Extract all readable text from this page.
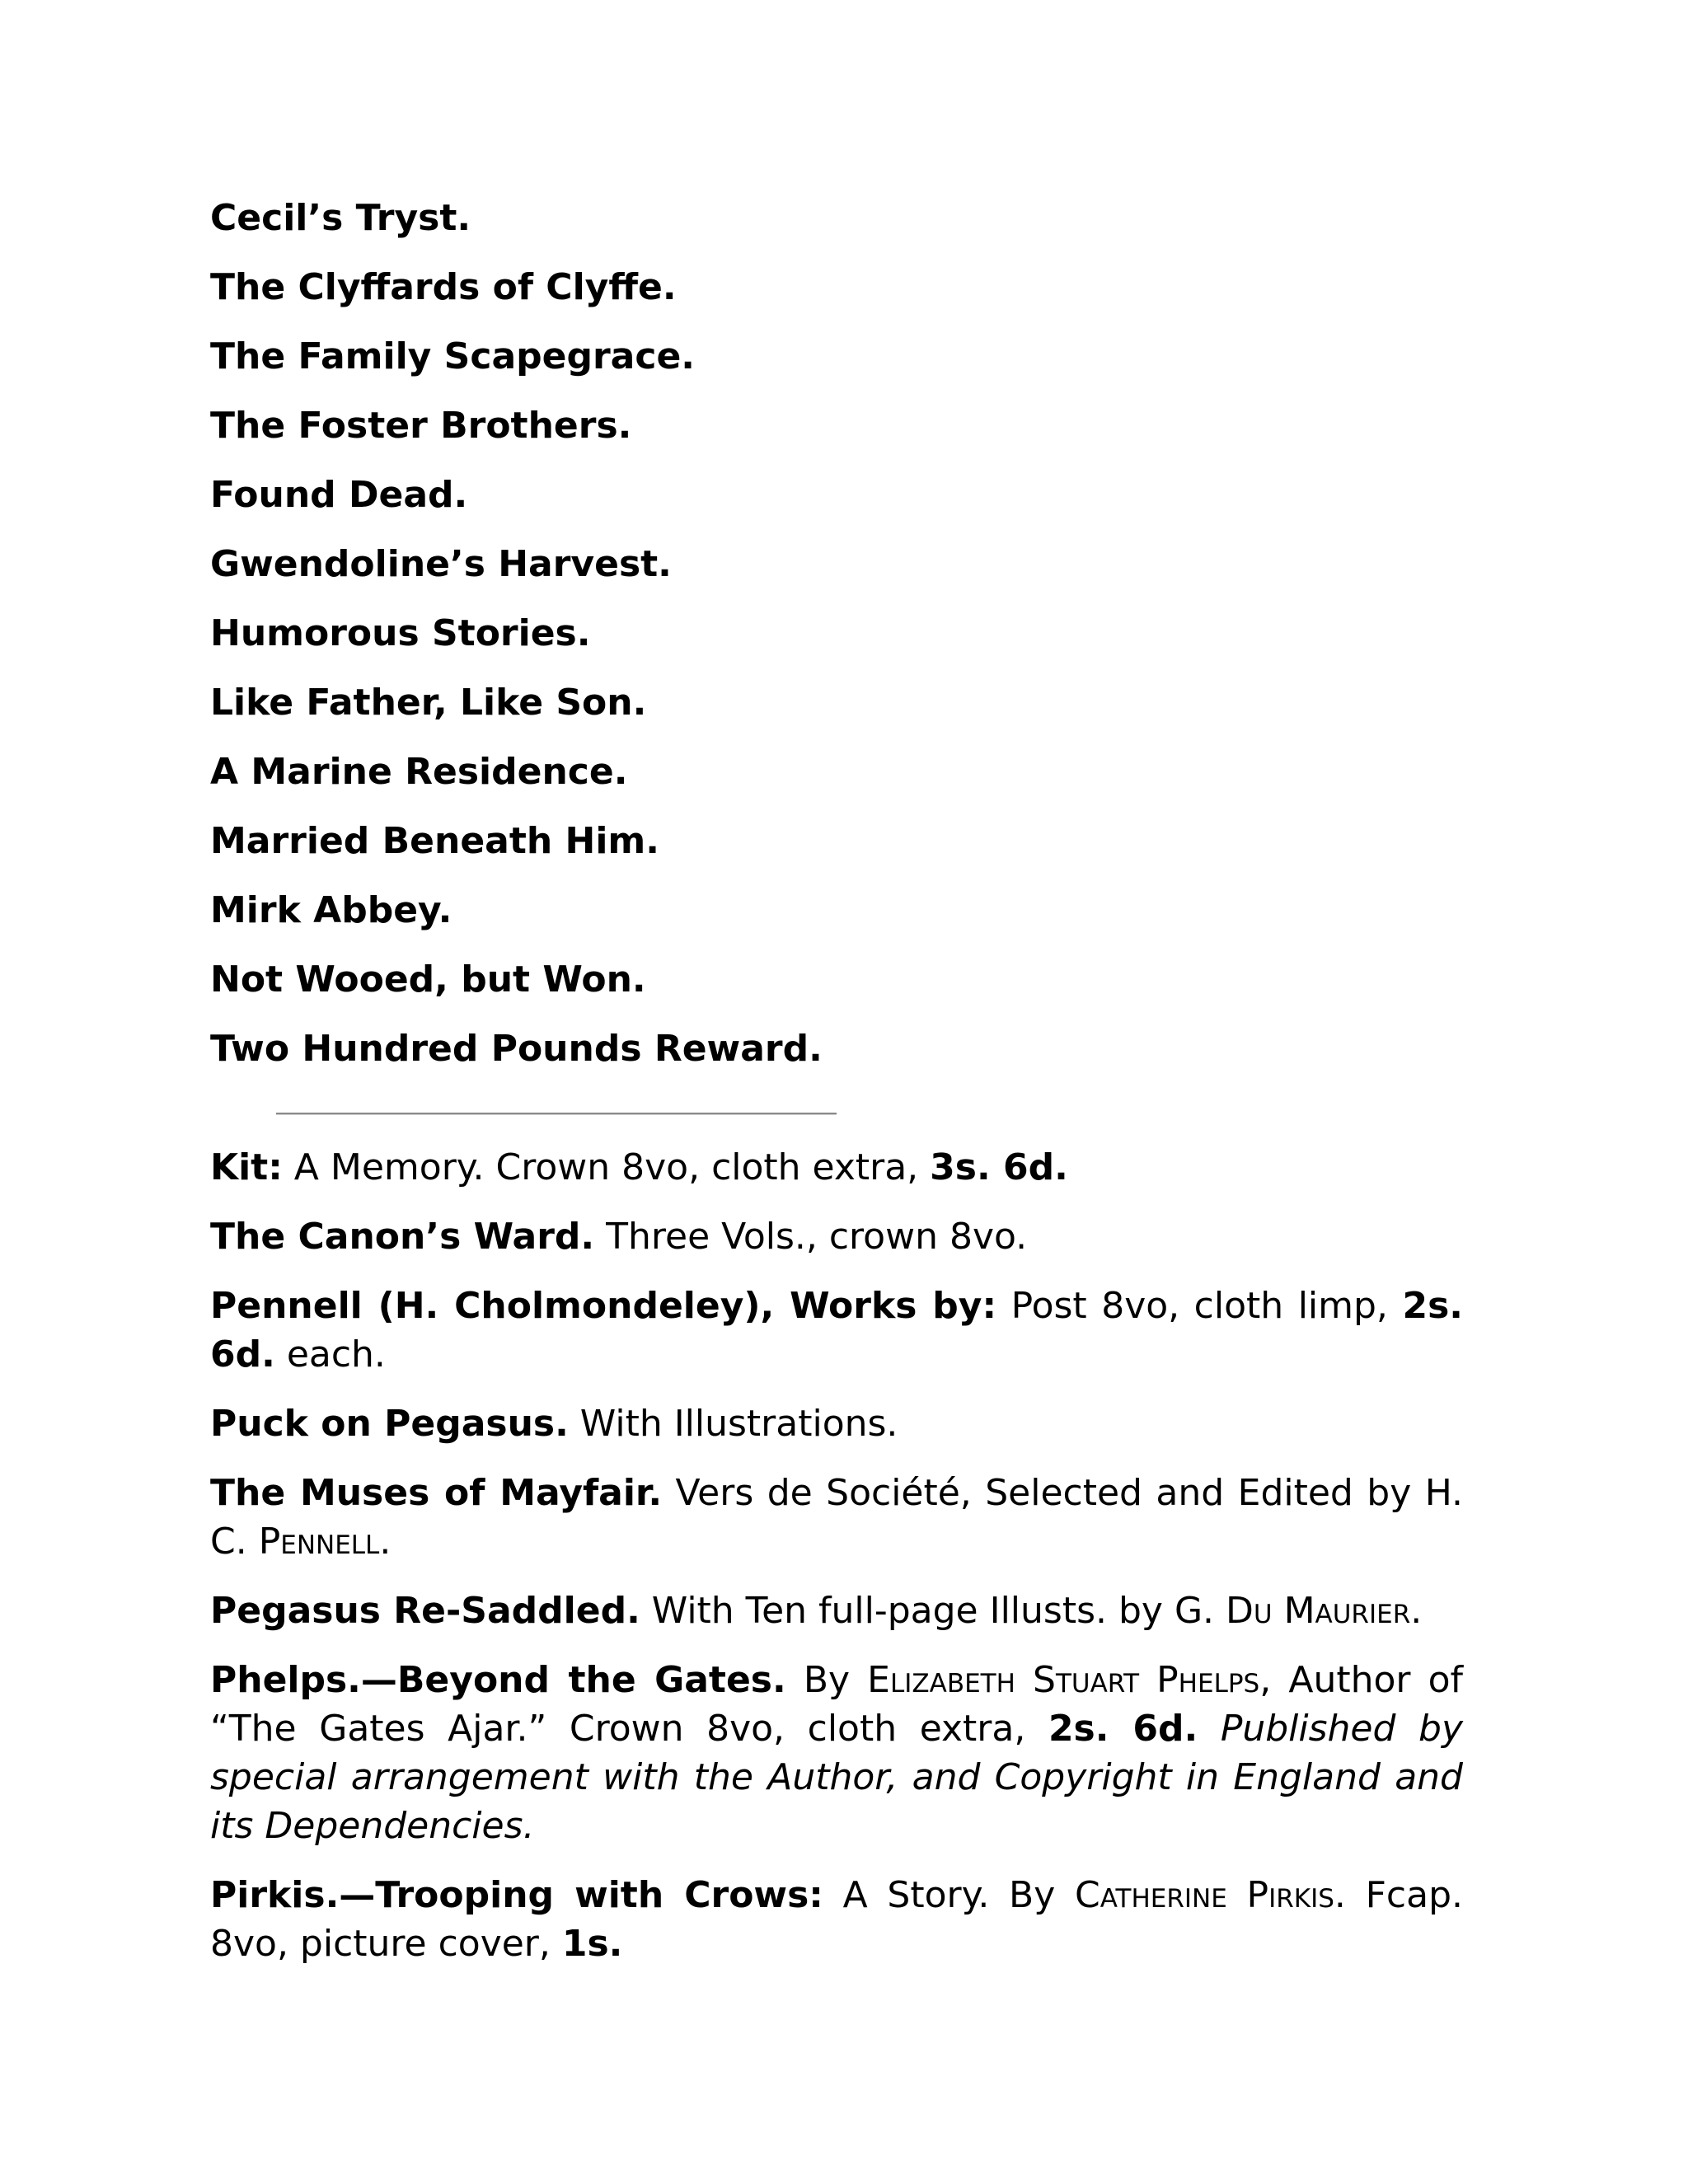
Cecil’s Tryst.
The Clyffards of Clyffe.
The Family Scapegrace.
The Foster Brothers.
Found Dead.
Gwendoline’s Harvest.
Humorous Stories.
Like Father, Like Son.
A Marine Residence.
Married Beneath Him.
Mirk Abbey.
Not Wooed, but Won.
Two Hundred Pounds Reward.

Kit: A Memory. Crown 8vo, cloth extra, 3s. 6d.

The Canon’s Ward. Three Vols., crown 8vo.

Pennell (H. Cholmondeley), Works by: Post 8vo, cloth limp, 2s. 6d. each.

Puck on Pegasus. With Illustrations.

The Muses of Mayfair. Vers de Société, Selected and Edited by H. C. Pennell.

Pegasus Re-Saddled. With Ten full-page Illusts. by G. Du Maurier.

Phelps.—Beyond the Gates. By Elizabeth Stuart Phelps, Author of “The Gates Ajar.” Crown 8vo, cloth extra, 2s. 6d. Published by special arrangement with the Author, and Copyright in England and its Dependencies.

Pirkis.—Trooping with Crows: A Story. By Catherine Pirkis. Fcap. 8vo, picture cover, 1s.
